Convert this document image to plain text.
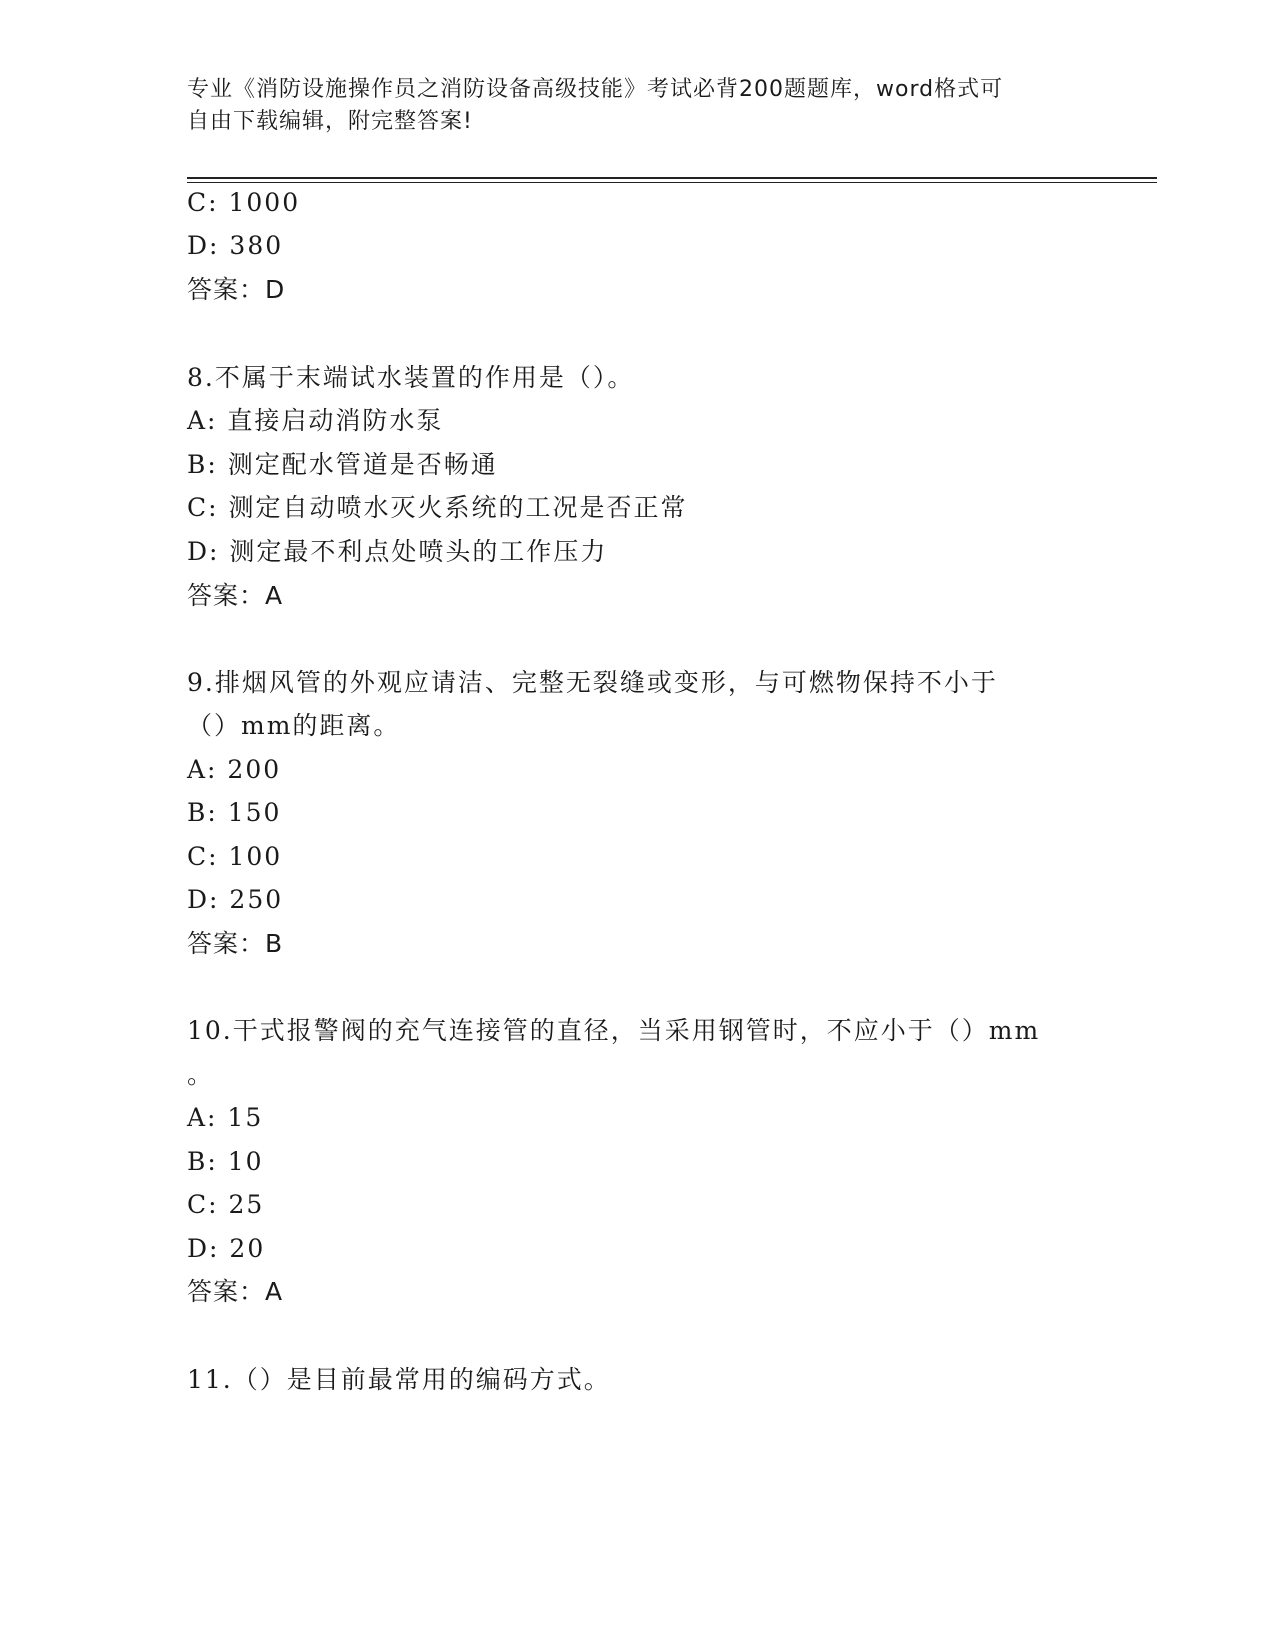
专业《消防设施操作员之消防设备高级技能》考试必背200题题库，word格式可
自由下载编辑，附完整答案!
C: 1000
D: 380
答案：D
8.不属于末端试水装置的作用是（）。
A: 直接启动消防水泵
B: 测定配水管道是否畅通
C: 测定自动喷水灭火系统的工况是否正常
D: 测定最不利点处喷头的工作压力
答案：A
9.排烟风管的外观应请洁、完整无裂缝或变形，与可燃物保持不小于
（）mm的距离。
A: 200
B: 150
C: 100
D: 250
答案：B
10.干式报警阀的充气连接管的直径，当采用钢管时，不应小于（）mm
。
A: 15
B: 10
C: 25
D: 20
答案：A
11.（）是目前最常用的编码方式。
